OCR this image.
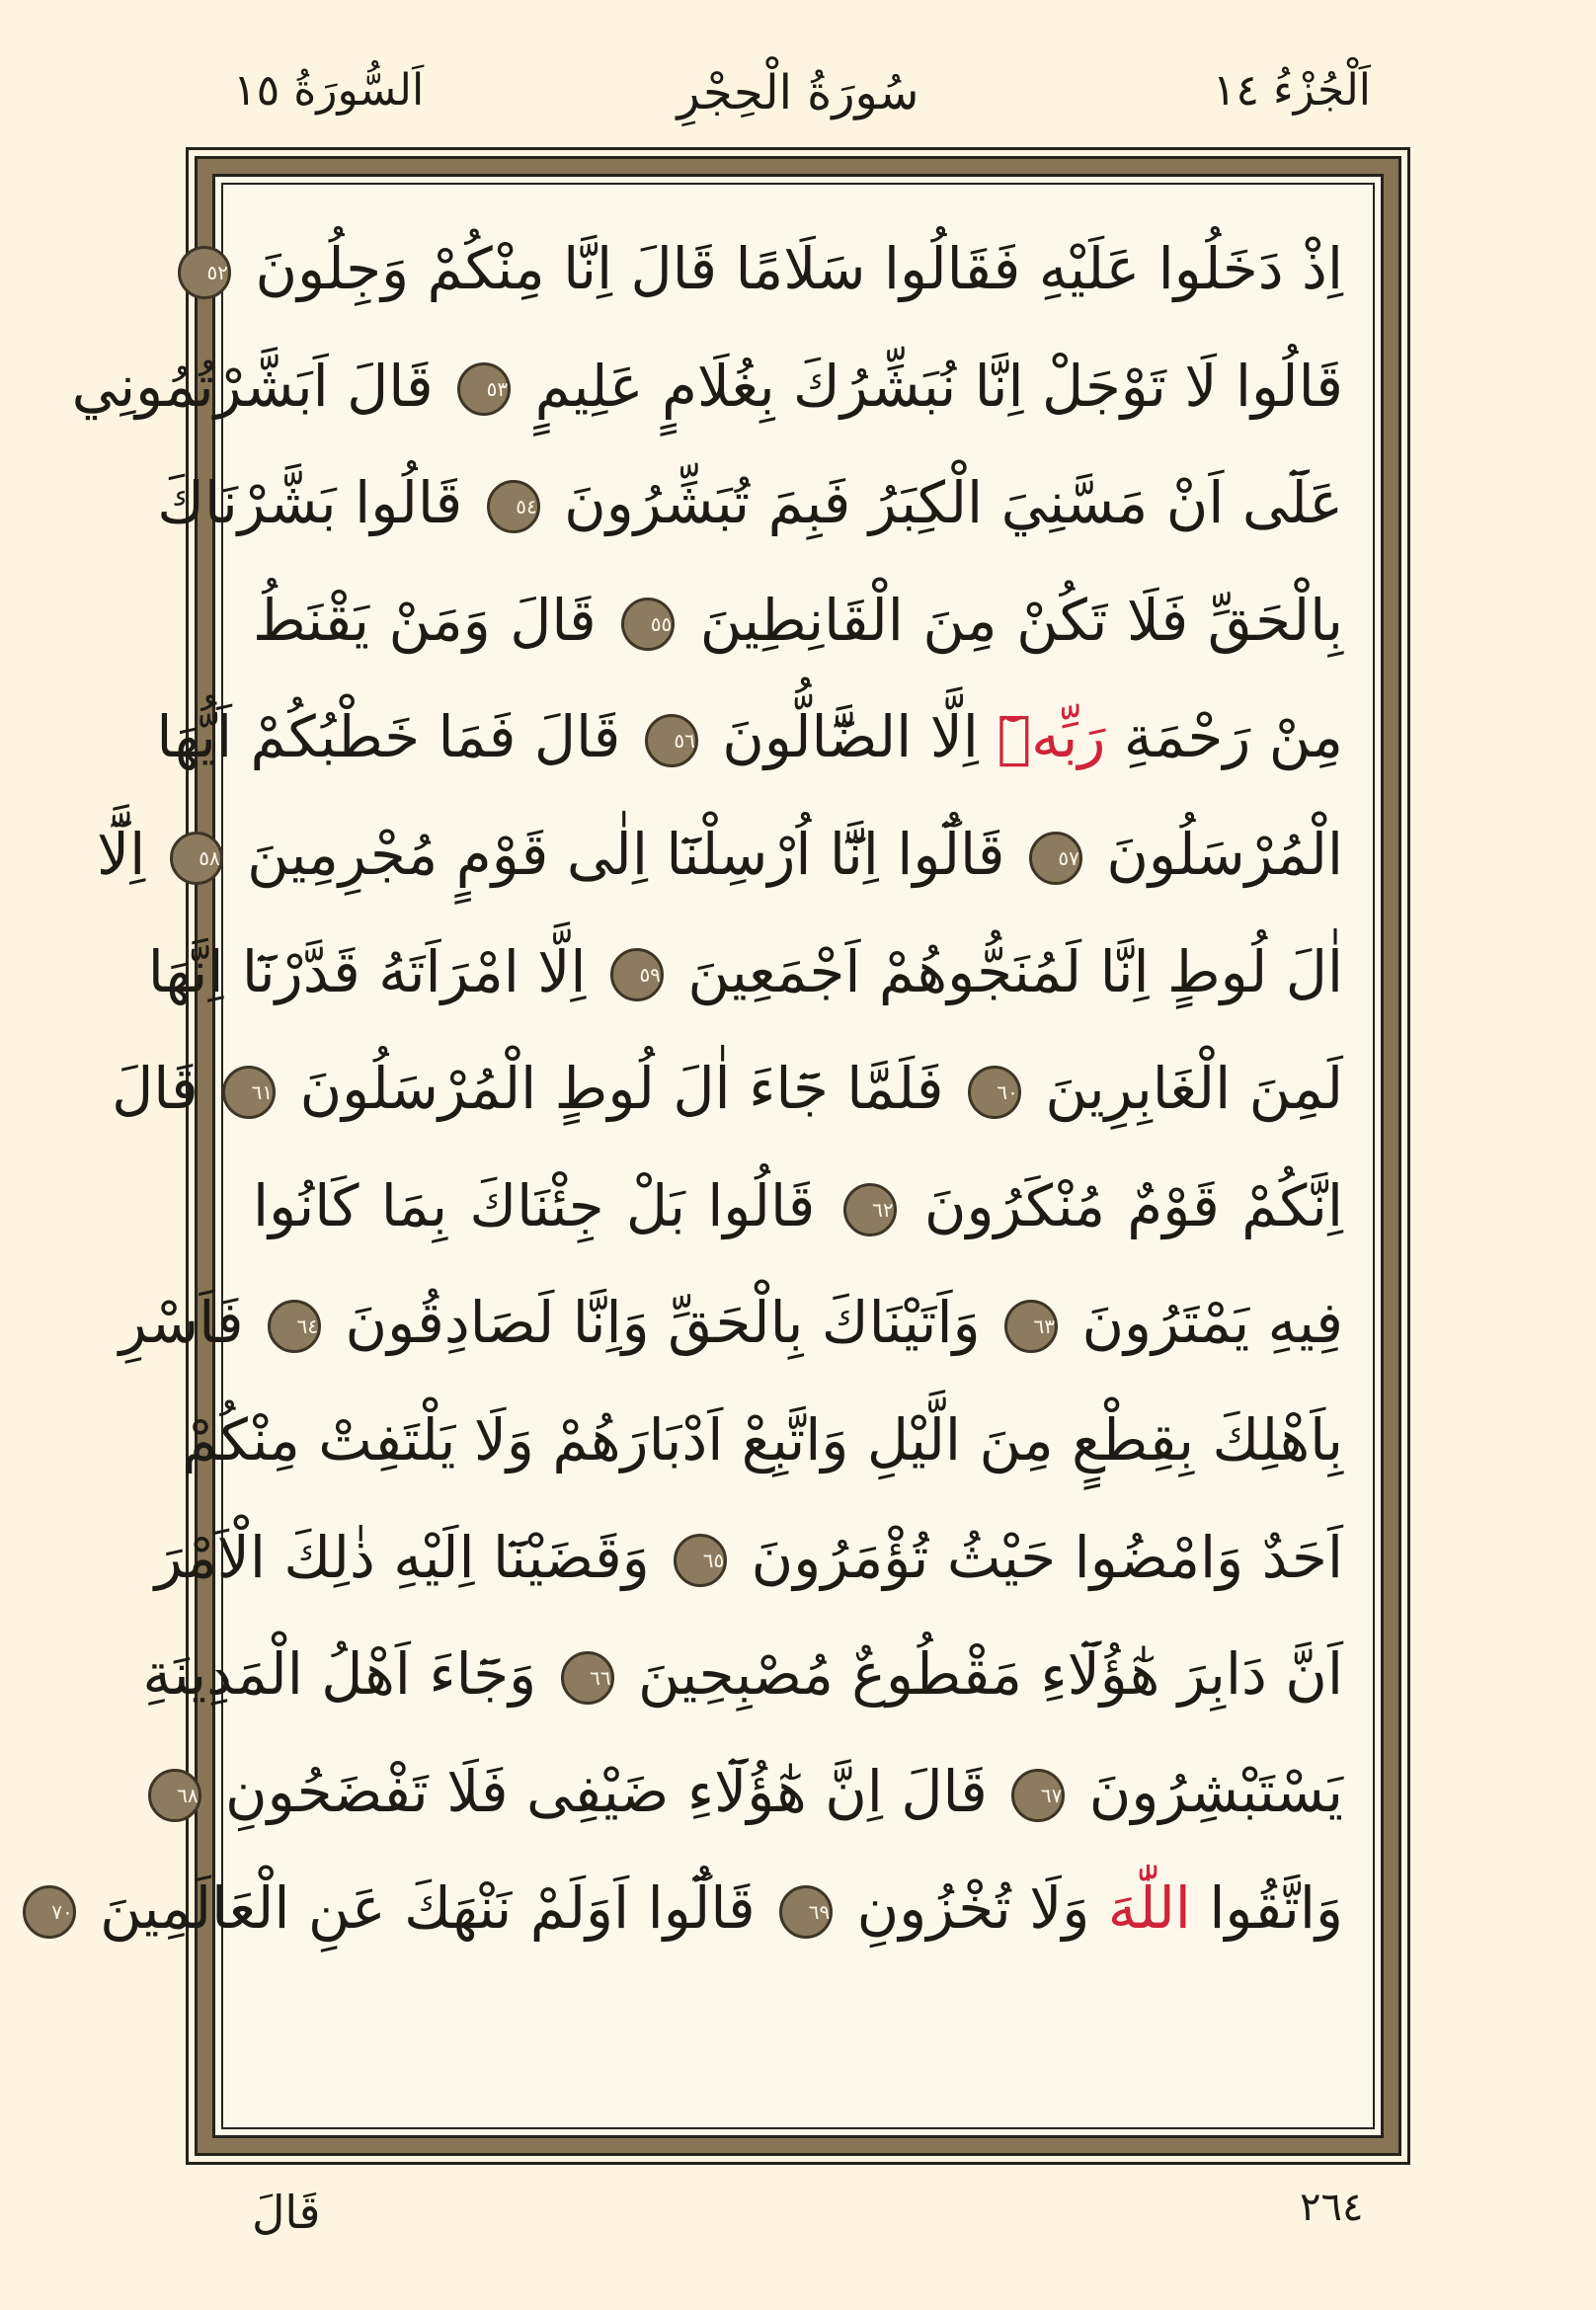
اَلْجُزْءُ ١٤
سُورَةُ الْحِجْرِ
اَلسُّورَةُ ١٥
اِذْ دَخَلُوا عَلَيْهِ فَقَالُوا سَلَامًا قَالَ اِنَّا مِنْكُمْ وَجِلُونَ ٥٢
قَالُوا لَا تَوْجَلْ اِنَّا نُبَشِّرُكَ بِغُلَامٍ عَلِيمٍ ٥٣ قَالَ اَبَشَّرْتُمُونِي
عَلَٓى اَنْ مَسَّنِيَ الْكِبَرُ فَبِمَ تُبَشِّرُونَ ٥٤ قَالُوا بَشَّرْنَاكَ
بِالْحَقِّ فَلَا تَكُنْ مِنَ الْقَانِطِينَ ٥٥ قَالَ وَمَنْ يَقْنَطُ
مِنْ رَحْمَةِ رَبِّهٖٓ اِلَّا الضَّٓالُّونَ ٥٦ قَالَ فَمَا خَطْبُكُمْ اَيُّهَا
الْمُرْسَلُونَ ٥٧ قَالُٓوا اِنَّٓا اُرْسِلْنَٓا اِلٰى قَوْمٍ مُجْرِمِينَ ٥٨ اِلَّٓا
اٰلَ لُوطٍ اِنَّا لَمُنَجُّوهُمْ اَجْمَعِينَ ٥٩ اِلَّا امْرَاَتَهُ قَدَّرْنَٓا اِنَّهَا
لَمِنَ الْغَابِرِينَ ٦٠ فَلَمَّا جَٓاءَ اٰلَ لُوطٍ الْمُرْسَلُونَ ٦١ قَالَ
اِنَّكُمْ قَوْمٌ مُنْكَرُونَ ٦٢ قَالُوا بَلْ جِئْنَاكَ بِمَا كَانُوا
فِيهِ يَمْتَرُونَ ٦٣ وَاَتَيْنَاكَ بِالْحَقِّ وَاِنَّا لَصَادِقُونَ ٦٤ فَاَسْرِ
بِاَهْلِكَ بِقِطْعٍ مِنَ الَّيْلِ وَاتَّبِعْ اَدْبَارَهُمْ وَلَا يَلْتَفِتْ مِنْكُمْ
اَحَدٌ وَامْضُوا حَيْثُ تُؤْمَرُونَ ٦٥ وَقَضَيْنَٓا اِلَيْهِ ذٰلِكَ الْاَمْرَ
اَنَّ دَابِرَ هٰٓؤُلَٓاءِ مَقْطُوعٌ مُصْبِحِينَ ٦٦ وَجَٓاءَ اَهْلُ الْمَدِينَةِ
يَسْتَبْشِرُونَ ٦٧ قَالَ اِنَّ هٰٓؤُلَٓاءِ ضَيْفِى فَلَا تَفْضَحُونِ ٦٨
وَاتَّقُوا اللّٰهَ وَلَا تُخْزُونِ ٦٩ قَالُٓوا اَوَلَمْ نَنْهَكَ عَنِ الْعَالَمِينَ ٧٠
قَالَ	٢٦٤
